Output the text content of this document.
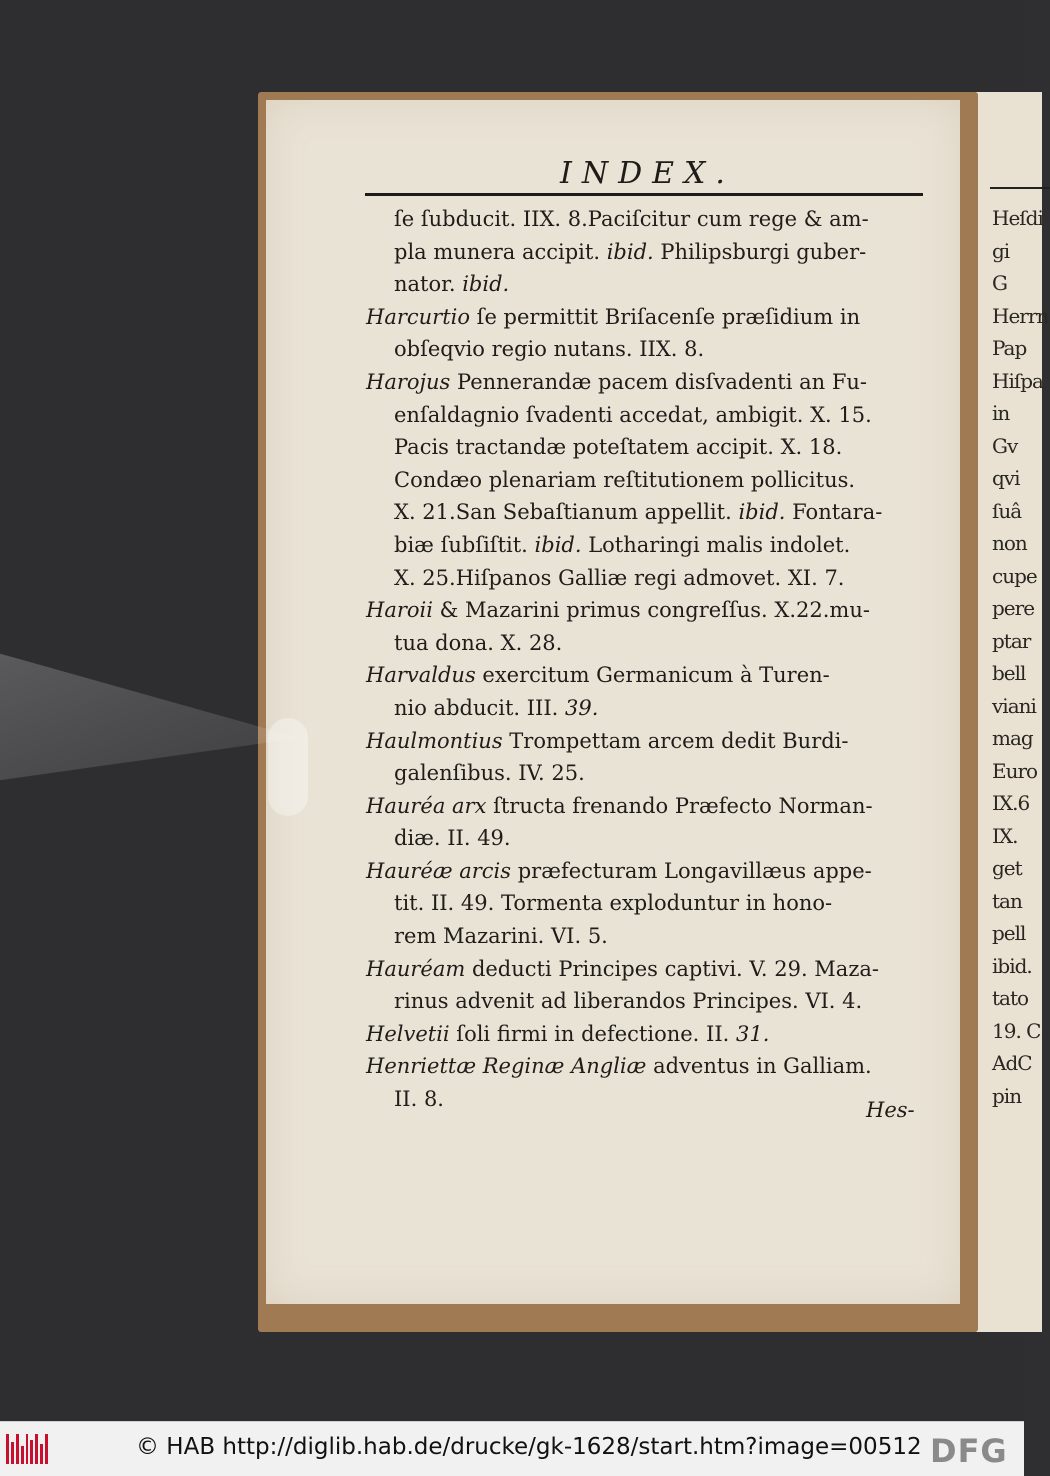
Heſdi
gi
G
Herrn
Pap
Hiſpa
in
Gv
qvi
ſuâ
non
cupe
pere
ptar
bell
viani
mag
Euro
IX.6
IX.
get
tan
pell
ibid.
tato
19. C
AdC
pin
INDEX.
ſe ſubducit. IIX. 8.Paciſcitur cum rege & am-
pla munera accipit. ibid. Philipsburgi guber-
nator. ibid.
Harcurtio ſe permittit Briſacenſe præſidium in
obſeqvio regio nutans. IIX. 8.
Harojus Pennerandæ pacem disſvadenti an Fu-
enſaldagnio ſvadenti accedat, ambigit. X. 15.
Pacis tractandæ poteſtatem accipit. X. 18.
Condæo plenariam reſtitutionem pollicitus.
X. 21.San Sebaſtianum appellit. ibid. Fontara-
biæ ſubſiſtit. ibid. Lotharingi malis indolet.
X. 25.Hiſpanos Galliæ regi admovet. XI. 7.
Haroii & Mazarini primus congreſſus. X.22.mu-
tua dona. X. 28.
Harvaldus exercitum Germanicum à Turen-
nio abducit. III. 39.
Haulmontius Trompettam arcem dedit Burdi-
galenſibus. IV. 25.
Hauréa arx ſtructa frenando Præfecto Norman-
diæ. II. 49.
Hauréæ arcis præfecturam Longavillæus appe-
tit. II. 49. Tormenta exploduntur in hono-
rem Mazarini. VI. 5.
Hauréam deducti Principes captivi. V. 29. Maza-
rinus advenit ad liberandos Principes. VI. 4.
Helvetii ſoli firmi in defectione. II. 31.
Henriettæ Reginæ Angliæ adventus in Galliam.
II. 8.	Hes-
© HAB http://diglib.hab.de/drucke/gk-1628/start.htm?image=00512 DFG
